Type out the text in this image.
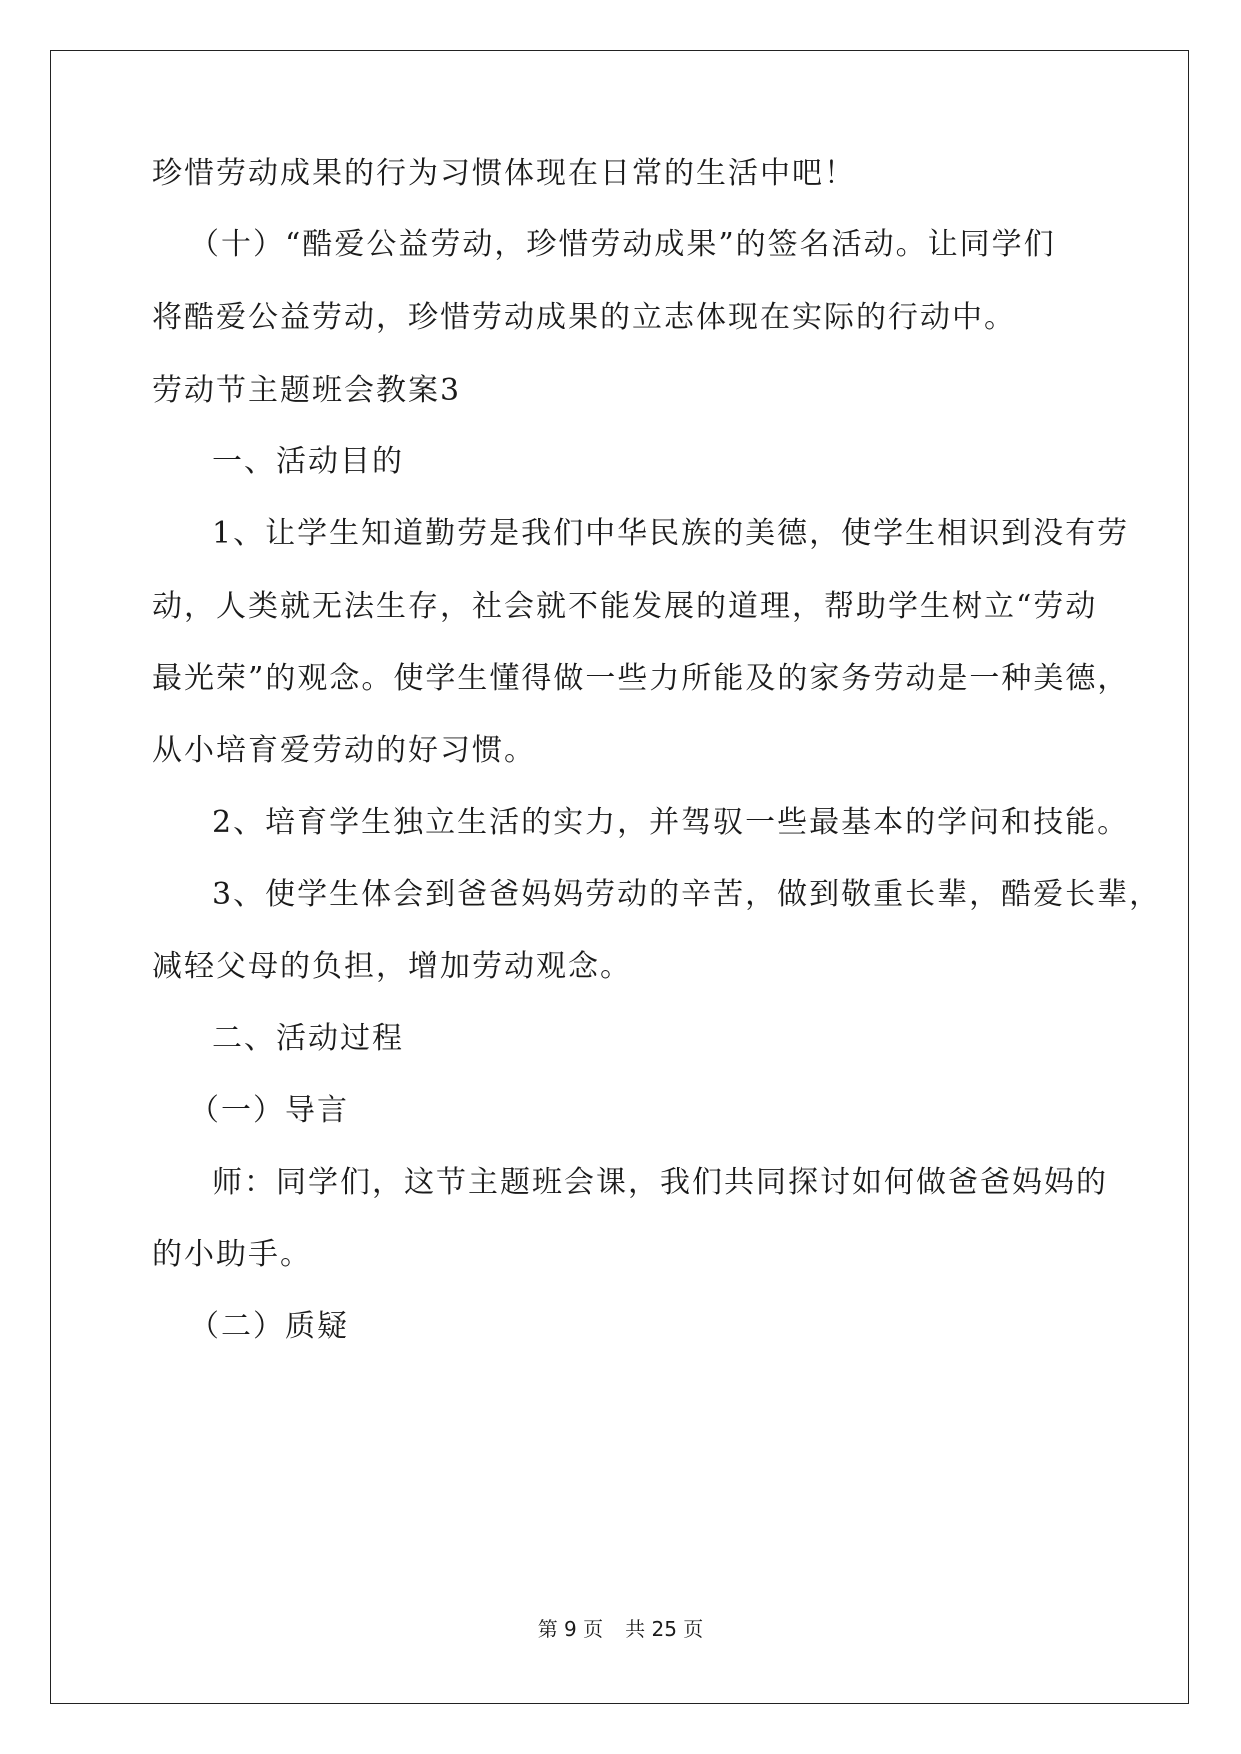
珍惜劳动成果的行为习惯体现在日常的生活中吧！
（十）“酷爱公益劳动，珍惜劳动成果”的签名活动。让同学们
将酷爱公益劳动，珍惜劳动成果的立志体现在实际的行动中。
劳动节主题班会教案3
一、活动目的
1、让学生知道勤劳是我们中华民族的美德，使学生相识到没有劳
动，人类就无法生存，社会就不能发展的道理，帮助学生树立“劳动
最光荣”的观念。使学生懂得做一些力所能及的家务劳动是一种美德，
从小培育爱劳动的好习惯。
2、培育学生独立生活的实力，并驾驭一些最基本的学问和技能。
3、使学生体会到爸爸妈妈劳动的辛苦，做到敬重长辈，酷爱长辈，
减轻父母的负担，增加劳动观念。
二、活动过程
（一）导言
师：同学们，这节主题班会课，我们共同探讨如何做爸爸妈妈的
的小助手。
（二）质疑
第 9 页 共 25 页
